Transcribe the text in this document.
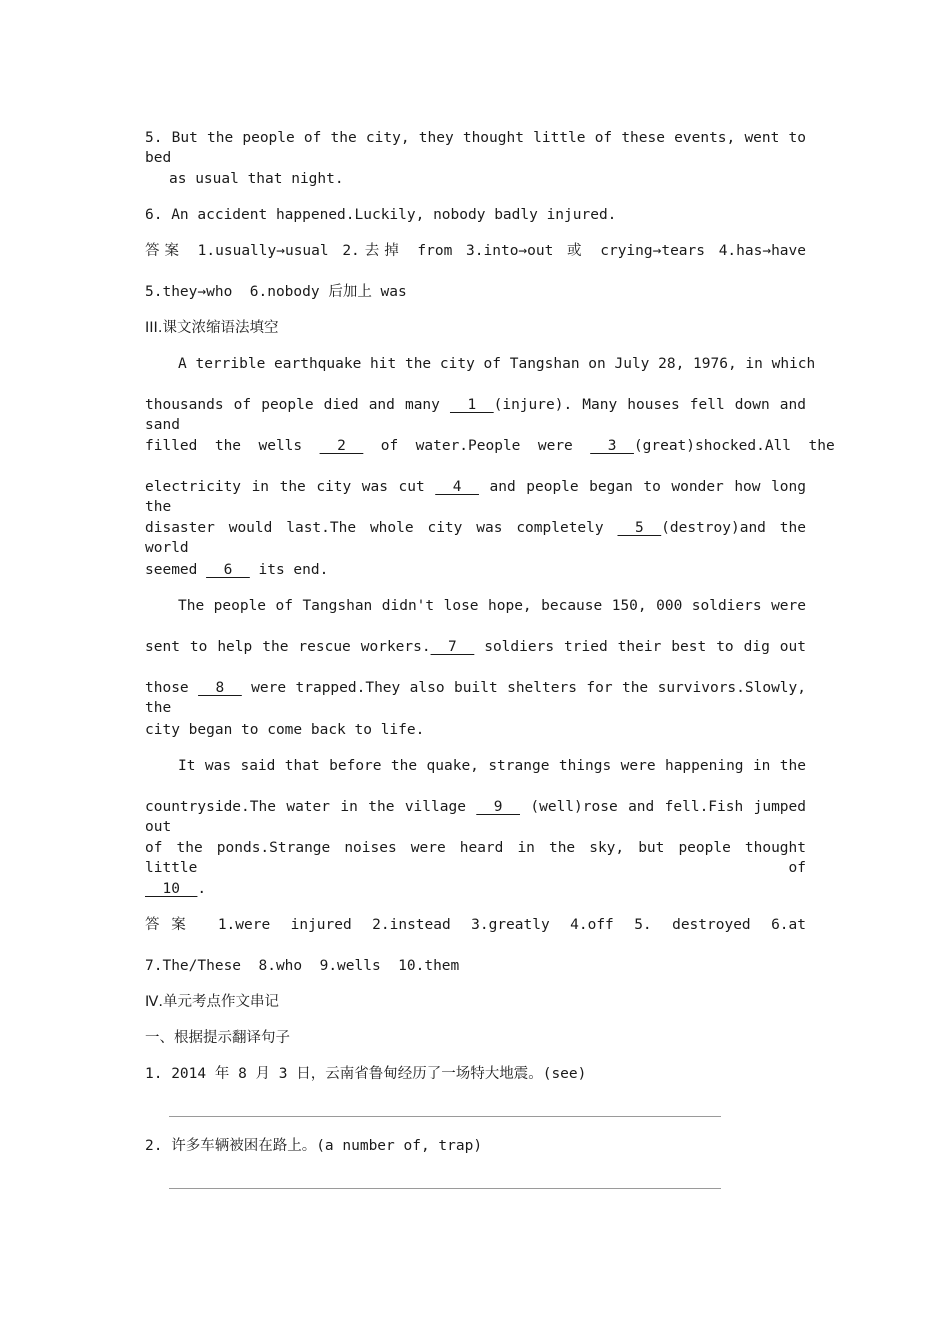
5. But the people of the city, they thought little of these events, went to bed
as usual that night.
6. An accident happened.Luckily, nobody badly injured.
答案 1.usually→usual 2.去掉 from 3.into→out 或 crying→tears 4.has→have
5.they→who  6.nobody 后加上 was
III.课文浓缩语法填空
A terrible earthquake hit the city of Tangshan on July 28, 1976, in which
thousands of people died and many __1__(injure). Many houses fell down and sand
filled  the  wells  __2__  of  water.People  were  __3__(great)shocked.All  the
electricity in the city was cut __4__ and people began to wonder how long the
disaster would last.The whole city was completely __5__(destroy)and the world
seemed __6__ its end.
The people of Tangshan didn't lose hope, because 150, 000 soldiers were
sent to help the rescue workers.__7__ soldiers tried their best to dig out
those __8__ were trapped.They also built shelters for the survivors.Slowly, the
city began to come back to life.
It was said that before the quake, strange things were happening in the
countryside.The water in the village __9__ (well)rose and fell.Fish jumped out
of the ponds.Strange noises were heard in the sky, but people thought little of
__10__.
答案 1.were injured 2.instead 3.greatly 4.off 5. destroyed 6.at
7.The/These  8.who  9.wells  10.them
Ⅳ.单元考点作文串记
一、根据提示翻译句子
1. 2014 年 8 月 3 日，云南省鲁甸经历了一场特大地震。(see)
2. 许多车辆被困在路上。(a number of, trap)
